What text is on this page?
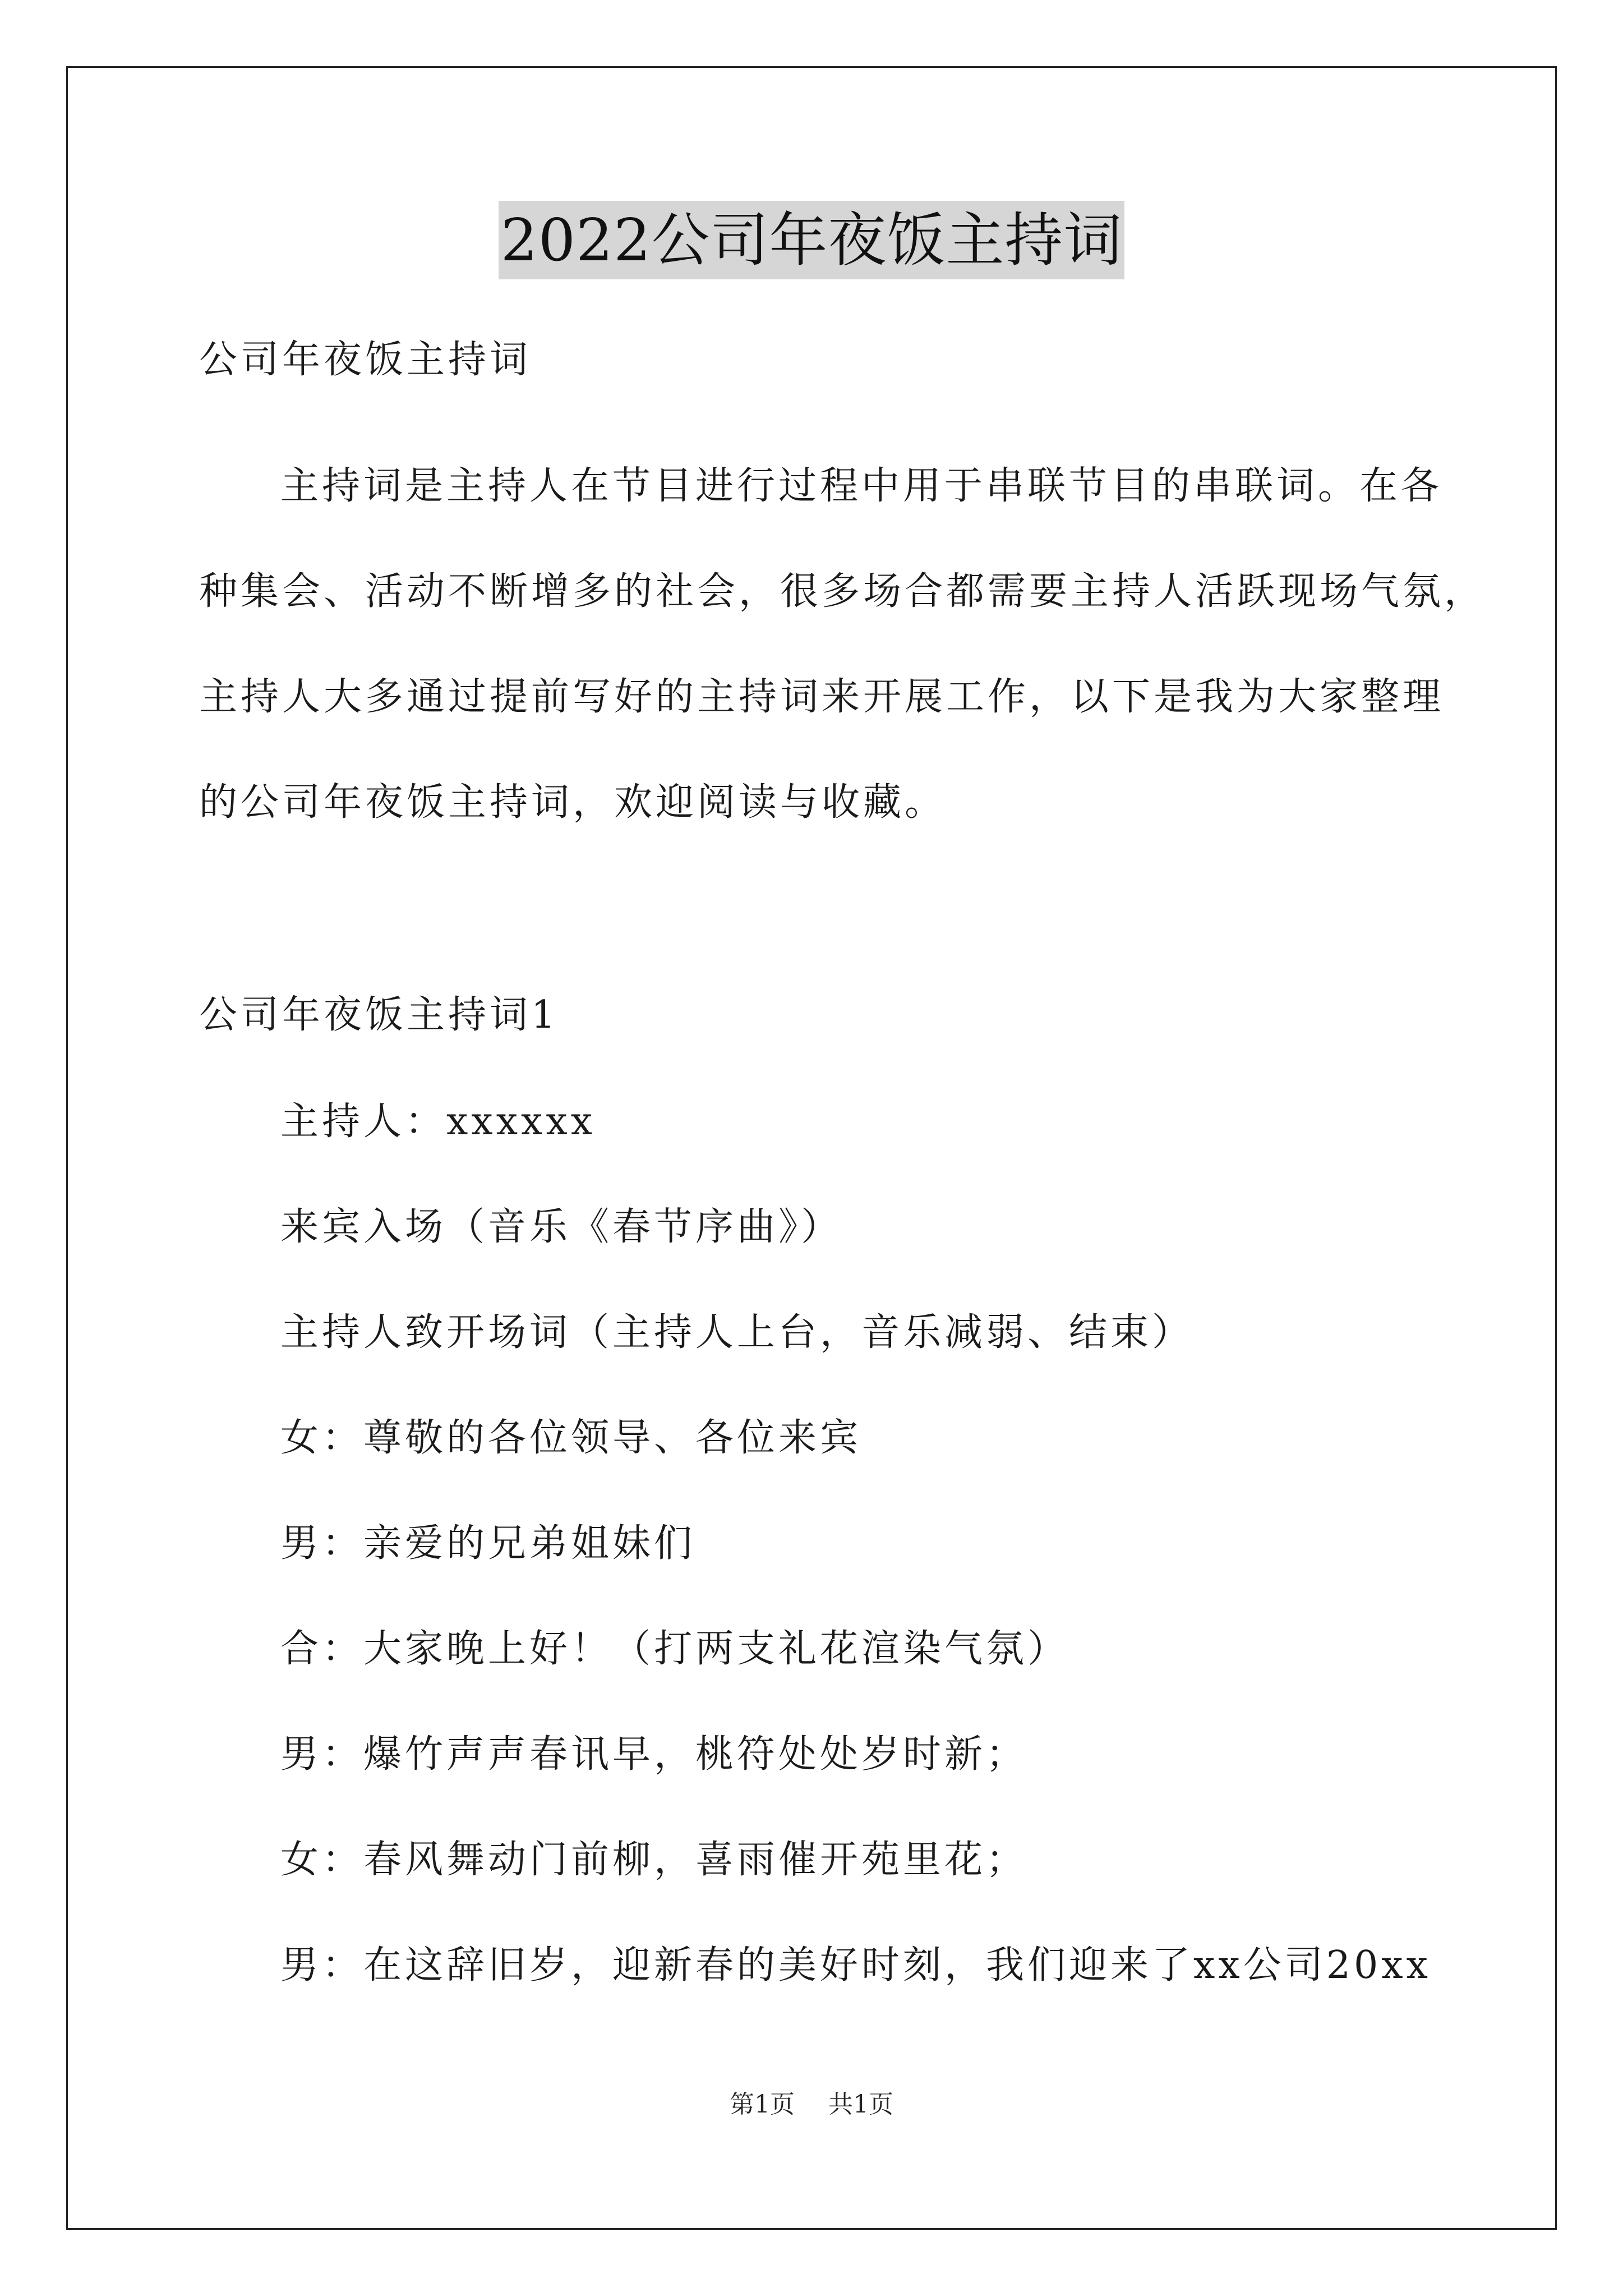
2022公司年夜饭主持词
公司年夜饭主持词
主持词是主持人在节目进行过程中用于串联节目的串联词。在各
种集会、活动不断增多的社会，很多场合都需要主持人活跃现场气氛，
主持人大多通过提前写好的主持词来开展工作，以下是我为大家整理
的公司年夜饭主持词，欢迎阅读与收藏。
公司年夜饭主持词1
主持人：xxxxxx
来宾入场（音乐《春节序曲》）
主持人致开场词（主持人上台，音乐减弱、结束）
女：尊敬的各位领导、各位来宾
男：亲爱的兄弟姐妹们
合：大家晚上好！（打两支礼花渲染气氛）
男：爆竹声声春讯早，桃符处处岁时新；
女：春风舞动门前柳，喜雨催开苑里花；
男：在这辞旧岁，迎新春的美好时刻，我们迎来了xx公司20xx
第1页 共1页
